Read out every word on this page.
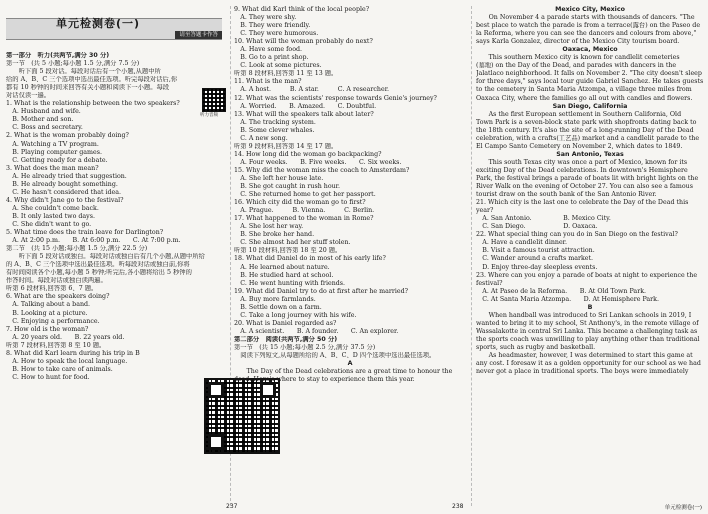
单元检测卷(一)
请至答题卡作答

第一部分　听力(共两节,满分 30 分)

第一节　(共 5 小题;每小题 1.5 分,满分 7.5 分)

　　听下面 5 段对话。每段对话后有一个小题,从题中所

给的 A、B、C 三个选项中选出最佳选项。听完每段对话后,你

都有 10 秒钟的时间来回答有关小题和阅读下一小题。每段

对话仅读一遍。

1. What is the relationship between the two speakers?

　A. Husband and wife.

　B. Mother and son.

　C. Boss and secretary.

2. What is the woman probably doing?

　A. Watching a TV program.

　B. Playing computer games.

　C. Getting ready for a debate.

3. What does the man mean?

　A. He already tried that suggestion.

　B. He already bought something.

　C. He hasn't considered that idea.

4. Why didn't Jane go to the festival?

　A. She couldn't come back.

　B. It only lasted two days.

　C. She didn't want to go.

5. What time does the train leave for Darlington?

　A. At 2:00 p.m.　　B. At 6:00 p.m.　　C. At 7:00 p.m.

第二节　(共 15 小题;每小题 1.5 分,满分 22.5 分)

　　听下面 5 段对话或独白。每段对话或独白后有几个小题,从题中所给

的 A、B、C 三个选项中选出最佳选项。听每段对话或独白前,你将

有时间阅读各个小题,每小题 5 秒钟;听完后,各小题将给出 5 秒钟的

作答时间。每段对话或独白读两遍。

听第 6 段材料,回答第 6、7 题。

6. What are the speakers doing?

　A. Talking about a band.

　B. Looking at a picture.

　C. Enjoying a performance.

7. How old is the woman?

　A. 20 years old.　　B. 22 years old.

听第 7 段材料,回答第 8 至 10 题。

8. What did Karl learn during his trip in B

　A. How to speak the local language.

　B. How to take care of animals.

　C. How to hunt for food.

听力音频

9. What did Karl think of the local people?

　A. They were shy.

　B. They were friendly.

　C. They were humorous.

10. What will the woman probably do next?

　A. Have some food.

　B. Go to a print shop.

　C. Look at some pictures.

听第 8 段材料,回答第 11 至 13 题。

11. What is the man?

　A. A host.　　　B. A star.　　　C. A researcher.

12. What was the scientists' response towards Genie's journey?

　A. Worried.　　B. Amazed.　　C. Doubtful.

13. What will the speakers talk about later?

　A. The tracking system.

　B. Some clever whales.

　C. A new song.

听第 9 段材料,回答第 14 至 17 题。

14. How long did the woman go backpacking?

　A. Four weeks.　　B. Five weeks.　　C. Six weeks.

15. Why did the woman miss the coach to Amsterdam?

　A. She left her house late.

　B. She got caught in rush hour.

　C. She returned home to get her passport.

16. Which city did the woman go to first?

　A. Prague.　　　B. Vienna.　　　C. Berlin.

17. What happened to the woman in Rome?

　A. She lost her way.

　B. She broke her hand.

　C. She almost had her stuff stolen.

听第 10 段材料,回答第 18 至 20 题。

18. What did Daniel do in most of his early life?

　A. He learned about nature.

　B. He studied hard at school.

　C. He went hunting with friends.

19. What did Daniel try to do at first after he married?

　A. Buy more farmlands.

　B. Settle down on a farm.

　C. Take a long journey with his wife.

20. What is Daniel regarded as?

　A. A scientist.　　B. A founder.　　C. An explorer.

第二部分　阅读(共两节,满分 50 分)

第一节　(共 15 小题;每小题 2.5 分,满分 37.5 分)

　阅读下列短文,从每题所给的 A、B、C、D 四个选项中选出最佳选项。

A

　　The Day of the Dead celebrations are a great time to honour the

dead. Here's where to stay to experience them this year.

Mexico City, Mexico

　　On November 4 a parade starts with thousands of dancers. "The

best place to watch the parade is from a terrace(露台) on the Paseo de

la Reforma, where you can see the dancers and colours from above,"

says Karla Gonzalez, director of the Mexico City tourism board.

Oaxaca, Mexico

　　This southern Mexico city is known for candlelit cemeteries

(墓地) on the Day of the Dead, and parades with dancers in the

Jalatlaco neighborhood. It falls on November 2. "The city doesn't sleep

for three days," says local tour guide Gabriel Sanchez. He takes guests

to the cemetery in Santa Maria Atzompa, a village three miles from

Oaxaca City, where the families go all out with candles and flowers.

San Diego, California

　　As the first European settlement in Southern California, Old

Town Park is a seven-block state park with shopfronts dating back to

the 18th century. It's also the site of a long-running Day of the Dead

celebration, with a crafts(工艺品) market and a candlelit parade to the

El Campo Santo Cemetery on November 2, which dates to 1849.

San Antonio, Texas

　　This south Texas city was once a part of Mexico, known for its

exciting Day of the Dead celebrations. In downtown's Hemisphere

Park, the festival brings a parade of boats lit with bright lights on the

River Walk on the evening of October 27. You can also see a famous

tourist draw on the south bank of the San Antonio River.

21. Which city is the last one to celebrate the Day of the Dead this

year?

　A. San Antonio.　　　　　B. Mexico City.

　C. San Diego.　　　　　　D. Oaxaca.

22. What special thing can you do in San Diego on the festival?

　A. Have a candlelit dinner.

　B. Visit a famous tourist attraction.

　C. Wander around a crafts market.

　D. Enjoy three-day sleepless events.

23. Where can you enjoy a parade of boats at night to experience the

festival?

　A. At Paseo de la Reforma.　　B. At Old Town Park.

　C. At Santa Maria Atzompa.　　D. At Hemisphere Park.

B

　　When handball was introduced to Sri Lankan schools in 2019, I

wanted to bring it to my school, St Anthony's, in the remote village of

Wassalakotte in central Sri Lanka. This became a challenging task as

the sports coach was unwilling to play anything other than traditional

sports, such as rugby and basketball.

　　As headmaster, however, I was determined to start this game at

any cost. I foresaw it as a golden opportunity for our school as we had

never got a place in traditional sports. The boys were immediately

237	238	单元检测卷(一)
